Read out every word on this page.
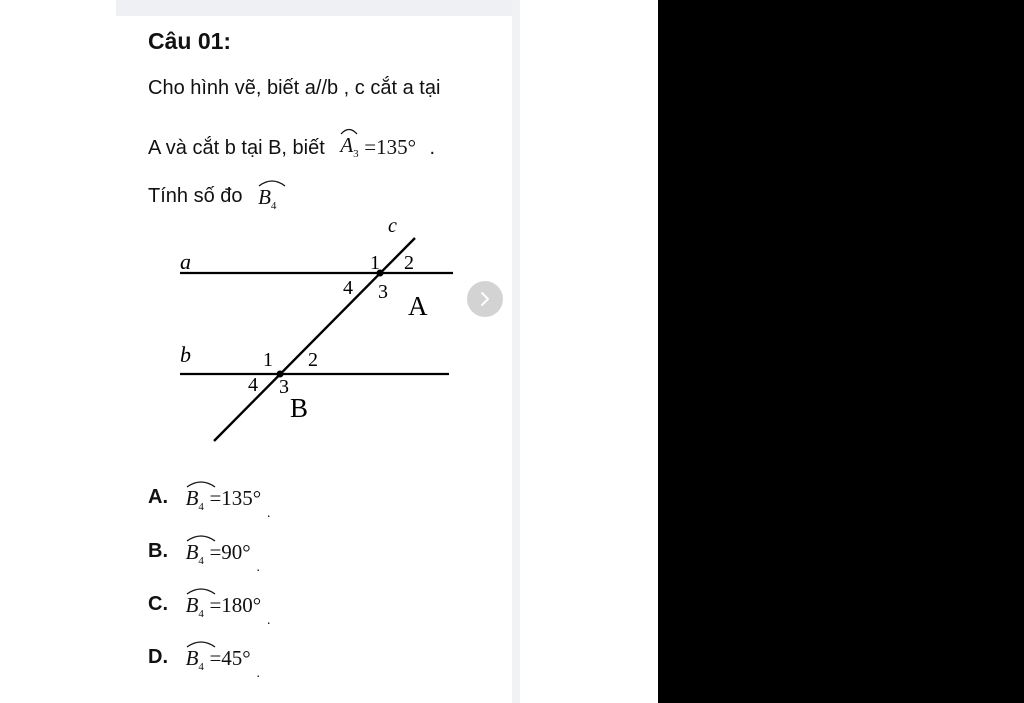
Câu 01:
Cho hình vẽ, biết a//b , c cắt a tại
A và cắt b tại B, biết $A_3 =135^\circ$ .
Tính số đo $B_4$
c
a
b
1 2
3
4
A
1 2
3
4
B
A. $B_4 =135^\circ$ $_.$
B. $B_4 =90^\circ$ $_.$
C. $B_4 =180^\circ$ $_.$
D. $B_4 =45^\circ$ $_.$
